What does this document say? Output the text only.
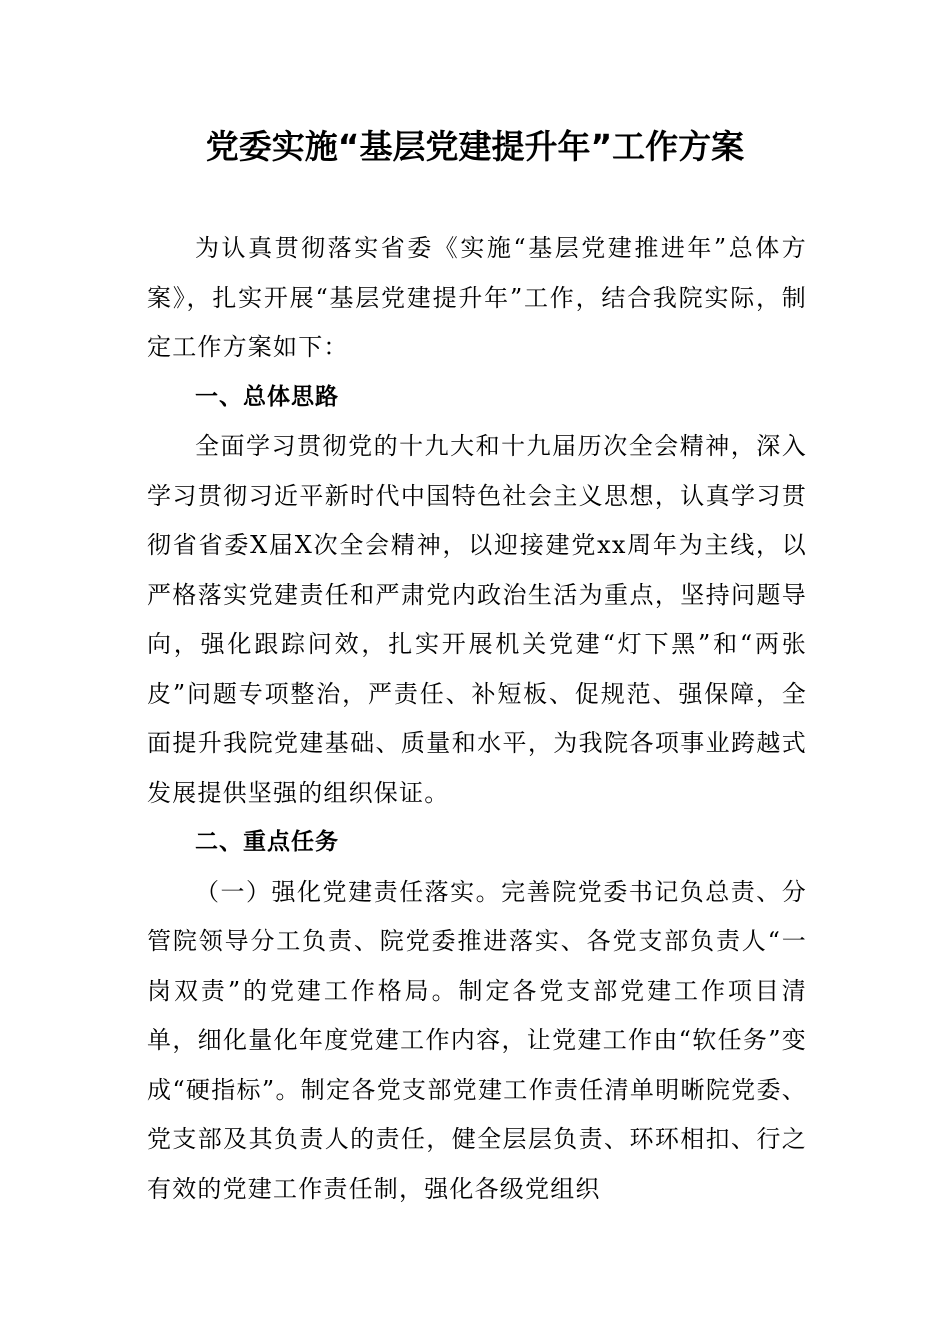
党委实施“基层党建提升年”工作方案

为认真贯彻落实省委《实施“基层党建推进年”总体方案》，扎实开展“基层党建提升年”工作，结合我院实际，制定工作方案如下：

一、总体思路

全面学习贯彻党的十九大和十九届历次全会精神，深入学习贯彻习近平新时代中国特色社会主义思想，认真学习贯彻省省委X届X次全会精神，以迎接建党xx周年为主线，以严格落实党建责任和严肃党内政治生活为重点，坚持问题导向，强化跟踪问效，扎实开展机关党建“灯下黑”和“两张皮”问题专项整治，严责任、补短板、促规范、强保障，全面提升我院党建基础、质量和水平，为我院各项事业跨越式发展提供坚强的组织保证。

二、重点任务

（一）强化党建责任落实。完善院党委书记负总责、分管院领导分工负责、院党委推进落实、各党支部负责人“一岗双责”的党建工作格局。制定各党支部党建工作项目清单，细化量化年度党建工作内容，让党建工作由“软任务”变成“硬指标”。制定各党支部党建工作责任清单明晰院党委、党支部及其负责人的责任，健全层层负责、环环相扣、行之有效的党建工作责任制，强化各级党组织
